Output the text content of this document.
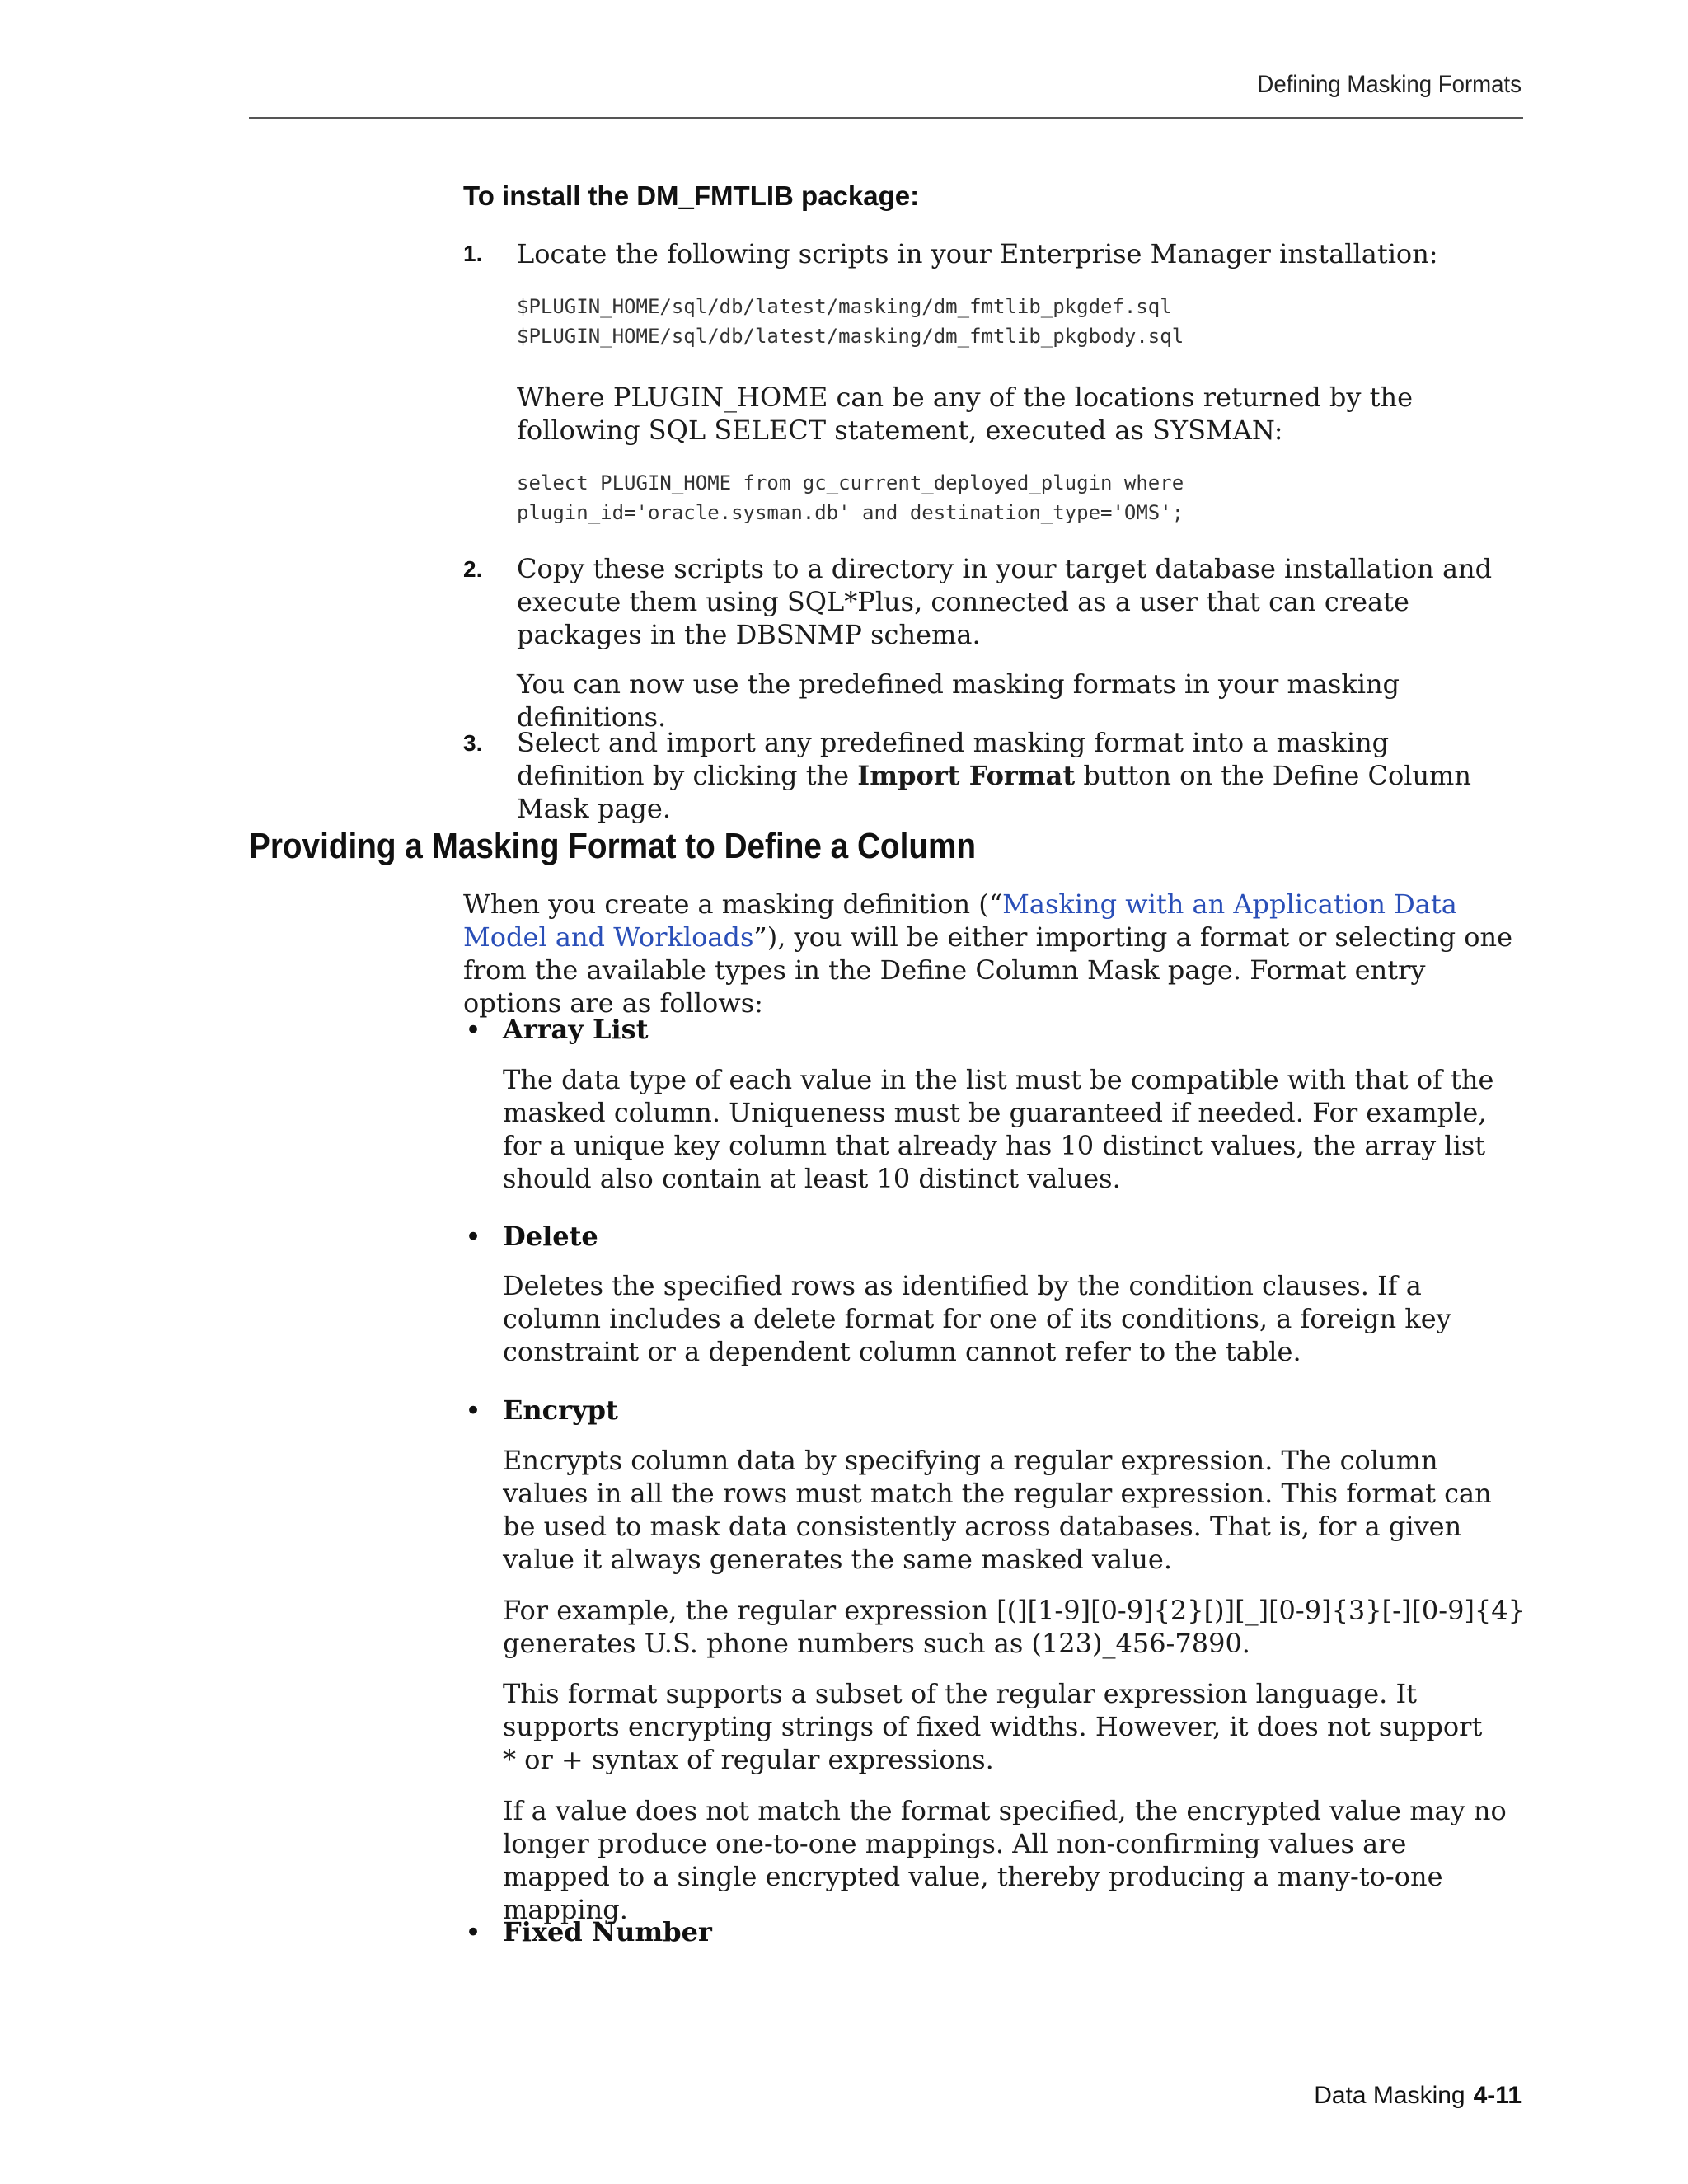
Defining Masking Formats
To install the DM_FMTLIB package:
1. Locate the following scripts in your Enterprise Manager installation:
$PLUGIN_HOME/sql/db/latest/masking/dm_fmtlib_pkgdef.sql
$PLUGIN_HOME/sql/db/latest/masking/dm_fmtlib_pkgbody.sql
Where PLUGIN_HOME can be any of the locations returned by the following SQL SELECT statement, executed as SYSMAN:
select PLUGIN_HOME from gc_current_deployed_plugin where
plugin_id='oracle.sysman.db' and destination_type='OMS';
2. Copy these scripts to a directory in your target database installation and execute them using SQL*Plus, connected as a user that can create packages in the DBSNMP schema.
You can now use the predefined masking formats in your masking definitions.
3. Select and import any predefined masking format into a masking definition by clicking the Import Format button on the Define Column Mask page.
Providing a Masking Format to Define a Column
When you create a masking definition (“Masking with an Application Data Model and Workloads”), you will be either importing a format or selecting one from the available types in the Define Column Mask page. Format entry options are as follows:
• Array List
The data type of each value in the list must be compatible with that of the masked column. Uniqueness must be guaranteed if needed. For example, for a unique key column that already has 10 distinct values, the array list should also contain at least 10 distinct values.
• Delete
Deletes the specified rows as identified by the condition clauses. If a column includes a delete format for one of its conditions, a foreign key constraint or a dependent column cannot refer to the table.
• Encrypt
Encrypts column data by specifying a regular expression. The column values in all the rows must match the regular expression. This format can be used to mask data consistently across databases. That is, for a given value it always generates the same masked value.
For example, the regular expression [(][1-9][0-9]{2}[)][_][0-9]{3}[-][0-9]{4} generates U.S. phone numbers such as (123)_456-7890.
This format supports a subset of the regular expression language. It supports encrypting strings of fixed widths. However, it does not support * or + syntax of regular expressions.
If a value does not match the format specified, the encrypted value may no longer produce one-to-one mappings. All non-confirming values are mapped to a single encrypted value, thereby producing a many-to-one mapping.
• Fixed Number
Data Masking 4-11
